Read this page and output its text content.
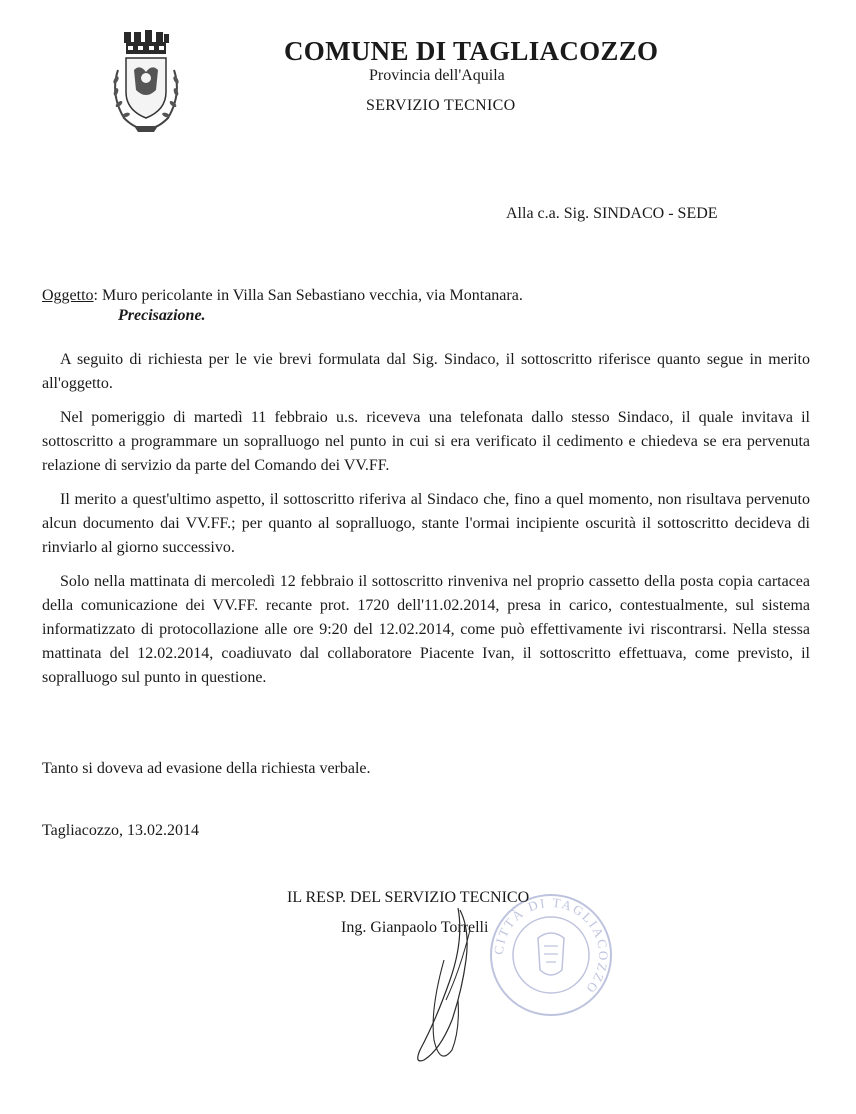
COMUNE DI TAGLIACOZZO
Provincia dell'Aquila
SERVIZIO TECNICO
Alla c.a. Sig. SINDACO - SEDE
Oggetto: Muro pericolante in Villa San Sebastiano vecchia, via Montanara.
Precisazione.

A seguito di richiesta per le vie brevi formulata dal Sig. Sindaco, il sottoscritto riferisce quanto segue in merito all'oggetto.

Nel pomeriggio di martedì 11 febbraio u.s. riceveva una telefonata dallo stesso Sindaco, il quale invitava il sottoscritto a programmare un sopralluogo nel punto in cui si era verificato il cedimento e chiedeva se era pervenuta relazione di servizio da parte del Comando dei VV.FF.

Il merito a quest'ultimo aspetto, il sottoscritto riferiva al Sindaco che, fino a quel momento, non risultava pervenuto alcun documento dai VV.FF.; per quanto al sopralluogo, stante l'ormai incipiente oscurità il sottoscritto decideva di rinviarlo al giorno successivo.

Solo nella mattinata di mercoledì 12 febbraio il sottoscritto rinveniva nel proprio cassetto della posta copia cartacea della comunicazione dei VV.FF. recante prot. 1720 dell'11.02.2014, presa in carico, contestualmente, sul sistema informatizzato di protocollazione alle ore 9:20 del 12.02.2014, come può effettivamente ivi riscontrarsi. Nella stessa mattinata del 12.02.2014, coadiuvato dal collaboratore Piacente Ivan, il sottoscritto effettuava, come previsto, il sopralluogo sul punto in questione.

Tanto si doveva ad evasione della richiesta verbale.
Tagliacozzo, 13.02.2014
CITTÀ DI TAGLIACOZZO
IL RESP. DEL SERVIZIO TECNICO
Ing. Gianpaolo Torrelli
